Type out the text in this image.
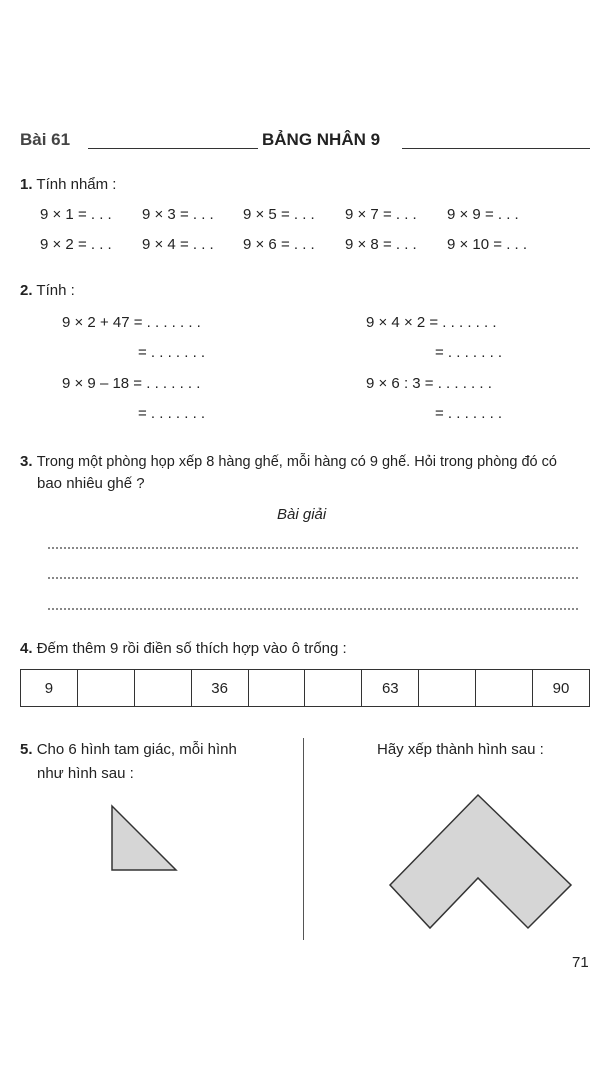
Bài 61	BẢNG NHÂN 9
1. Tính nhẩm :
9 × 1 = . . . 9 × 3 = . . . 9 × 5 = . . . 9 × 7 = . . . 9 × 9 = . . .
9 × 2 = . . . 9 × 4 = . . . 9 × 6 = . . . 9 × 8 = . . . 9 × 10 = . . .
2. Tính :
9 × 2 + 47 = . . . . . . .
= . . . . . . .
9 × 9 – 18 = . . . . . . .
= . . . . . . .
9 × 4 × 2 = . . . . . . .
= . . . . . . .
9 × 6 : 3 = . . . . . . .
= . . . . . . .
3. Trong một phòng họp xếp 8 hàng ghế, mỗi hàng có 9 ghế. Hỏi trong phòng đó có
bao nhiêu ghế ?
Bài giải
4. Đếm thêm 9 rồi điền số thích hợp vào ô trống :
9			36			63			90
5. Cho 6 hình tam giác, mỗi hình
như hình sau :
Hãy xếp thành hình sau :
71
